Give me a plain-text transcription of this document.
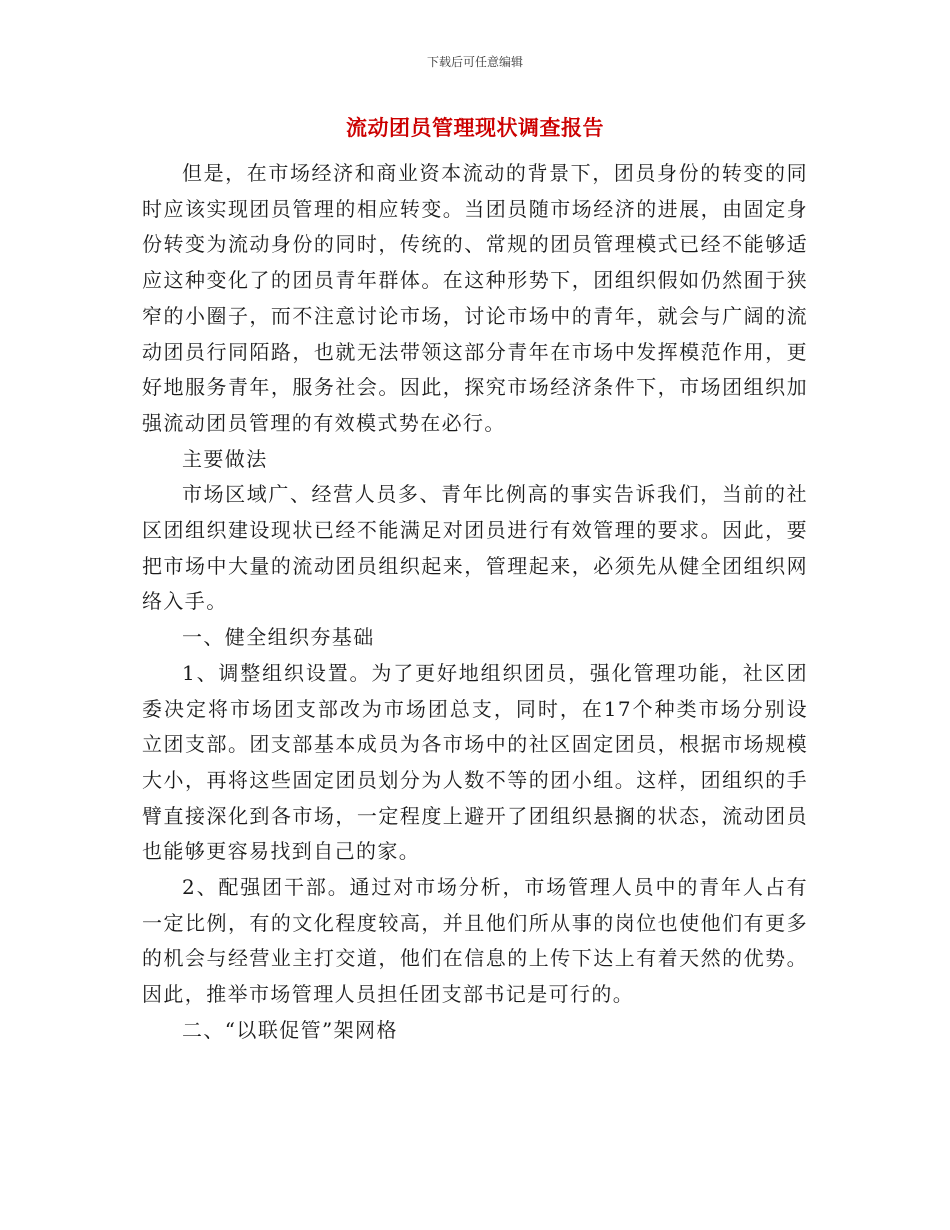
下载后可任意编辑
流动团员管理现状调查报告

但是，在市场经济和商业资本流动的背景下，团员身份的转变的同时应该实现团员管理的相应转变。当团员随市场经济的进展，由固定身份转变为流动身份的同时，传统的、常规的团员管理模式已经不能够适应这种变化了的团员青年群体。在这种形势下，团组织假如仍然囿于狭窄的小圈子，而不注意讨论市场，讨论市场中的青年，就会与广阔的流动团员行同陌路，也就无法带领这部分青年在市场中发挥模范作用，更好地服务青年，服务社会。因此，探究市场经济条件下，市场团组织加强流动团员管理的有效模式势在必行。

主要做法

市场区域广、经营人员多、青年比例高的事实告诉我们，当前的社区团组织建设现状已经不能满足对团员进行有效管理的要求。因此，要把市场中大量的流动团员组织起来，管理起来，必须先从健全团组织网络入手。

一、健全组织夯基础

1、调整组织设置。为了更好地组织团员，强化管理功能，社区团委决定将市场团支部改为市场团总支，同时，在17个种类市场分别设立团支部。团支部基本成员为各市场中的社区固定团员，根据市场规模大小，再将这些固定团员划分为人数不等的团小组。这样，团组织的手臂直接深化到各市场，一定程度上避开了团组织悬搁的状态，流动团员也能够更容易找到自己的家。

2、配强团干部。通过对市场分析，市场管理人员中的青年人占有一定比例，有的文化程度较高，并且他们所从事的岗位也使他们有更多的机会与经营业主打交道，他们在信息的上传下达上有着天然的优势。因此，推举市场管理人员担任团支部书记是可行的。

二、“以联促管”架网格
